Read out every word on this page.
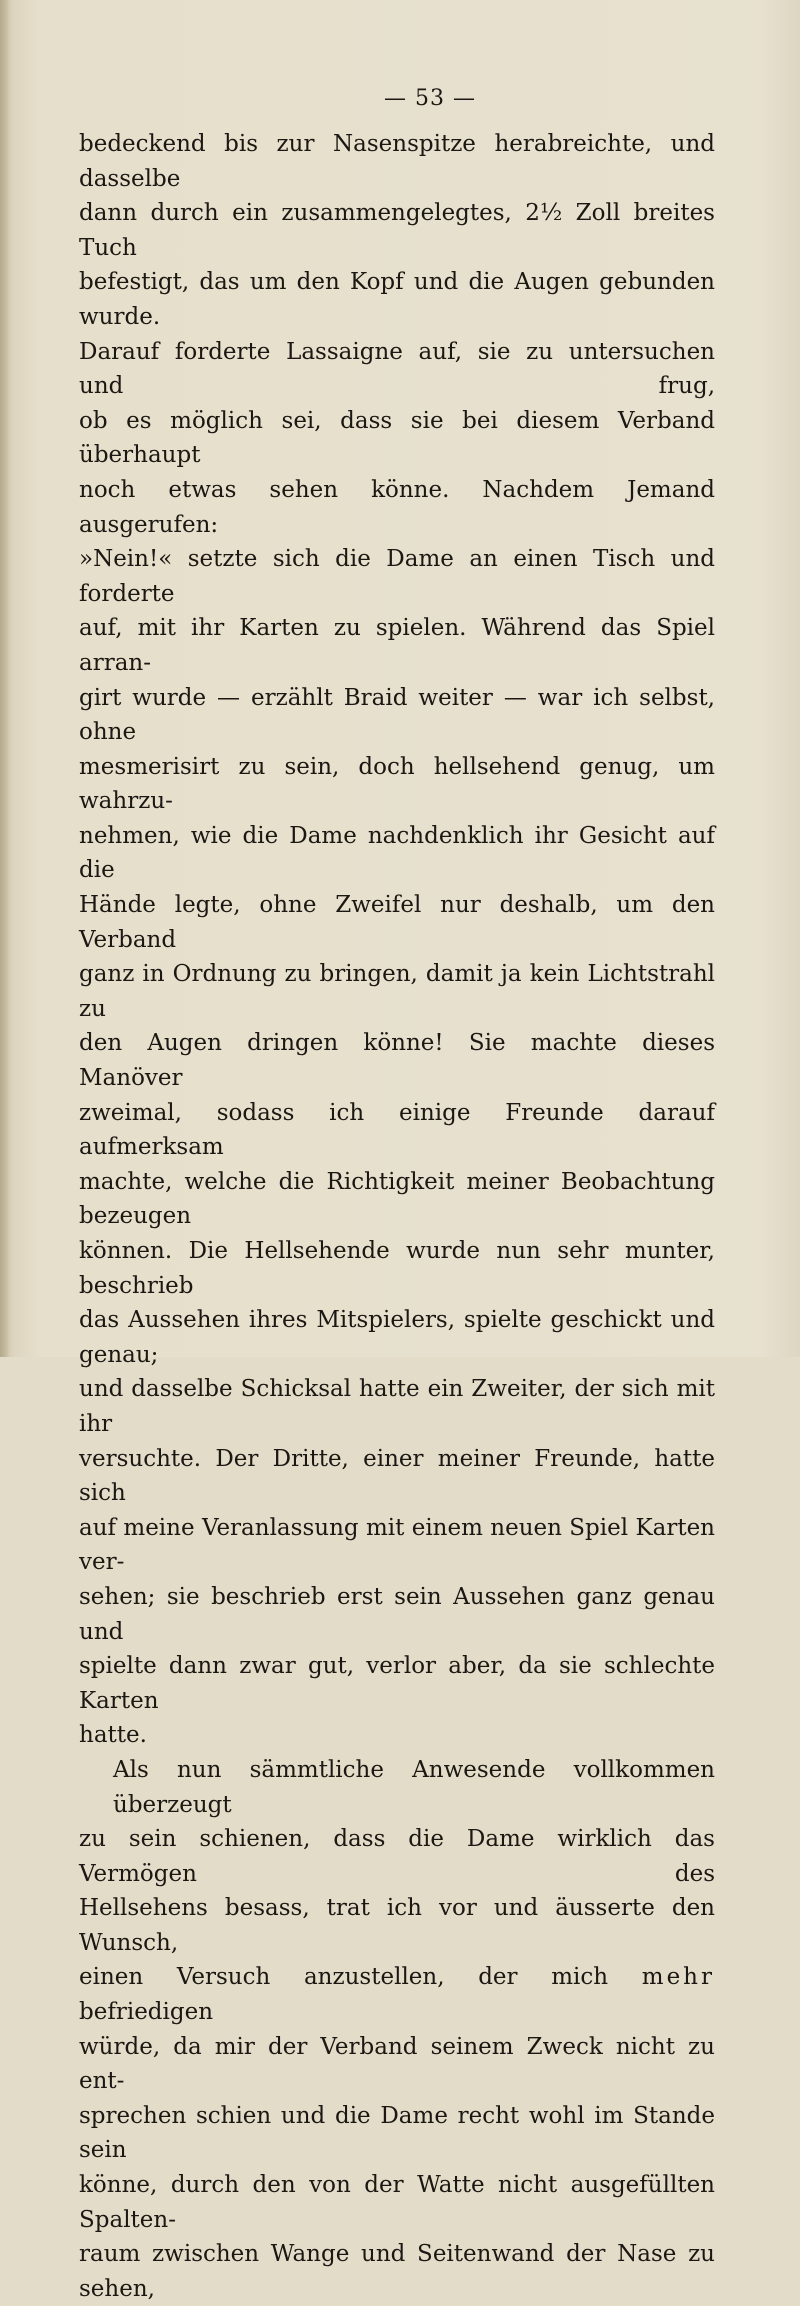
— 53 —

bedeckend bis zur Nasenspitze herabreichte, und dasselbe

dann durch ein zusammengelegtes, 2½ Zoll breites Tuch

befestigt, das um den Kopf und die Augen gebunden wurde.

Darauf forderte Lassaigne auf, sie zu untersuchen und frug,

ob es möglich sei, dass sie bei diesem Verband überhaupt

noch etwas sehen könne. Nachdem Jemand ausgerufen:

»Nein!« setzte sich die Dame an einen Tisch und forderte

auf, mit ihr Karten zu spielen. Während das Spiel arran-

girt wurde — erzählt Braid weiter — war ich selbst, ohne

mesmerisirt zu sein, doch hellsehend genug, um wahrzu-

nehmen, wie die Dame nachdenklich ihr Gesicht auf die

Hände legte, ohne Zweifel nur deshalb, um den Verband

ganz in Ordnung zu bringen, damit ja kein Lichtstrahl zu

den Augen dringen könne! Sie machte dieses Manöver

zweimal, sodass ich einige Freunde darauf aufmerksam

machte, welche die Richtigkeit meiner Beobachtung bezeugen

können. Die Hellsehende wurde nun sehr munter, beschrieb

das Aussehen ihres Mitspielers, spielte geschickt und genau;

und dasselbe Schicksal hatte ein Zweiter, der sich mit ihr

versuchte. Der Dritte, einer meiner Freunde, hatte sich

auf meine Veranlassung mit einem neuen Spiel Karten ver-

sehen; sie beschrieb erst sein Aussehen ganz genau und

spielte dann zwar gut, verlor aber, da sie schlechte Karten

hatte.

Als nun sämmtliche Anwesende vollkommen überzeugt

zu sein schienen, dass die Dame wirklich das Vermögen des

Hellsehens besass, trat ich vor und äusserte den Wunsch,

einen Versuch anzustellen, der mich mehr befriedigen

würde, da mir der Verband seinem Zweck nicht zu ent-

sprechen schien und die Dame recht wohl im Stande sein

könne, durch den von der Watte nicht ausgefüllten Spalten-

raum zwischen Wange und Seitenwand der Nase zu sehen,
